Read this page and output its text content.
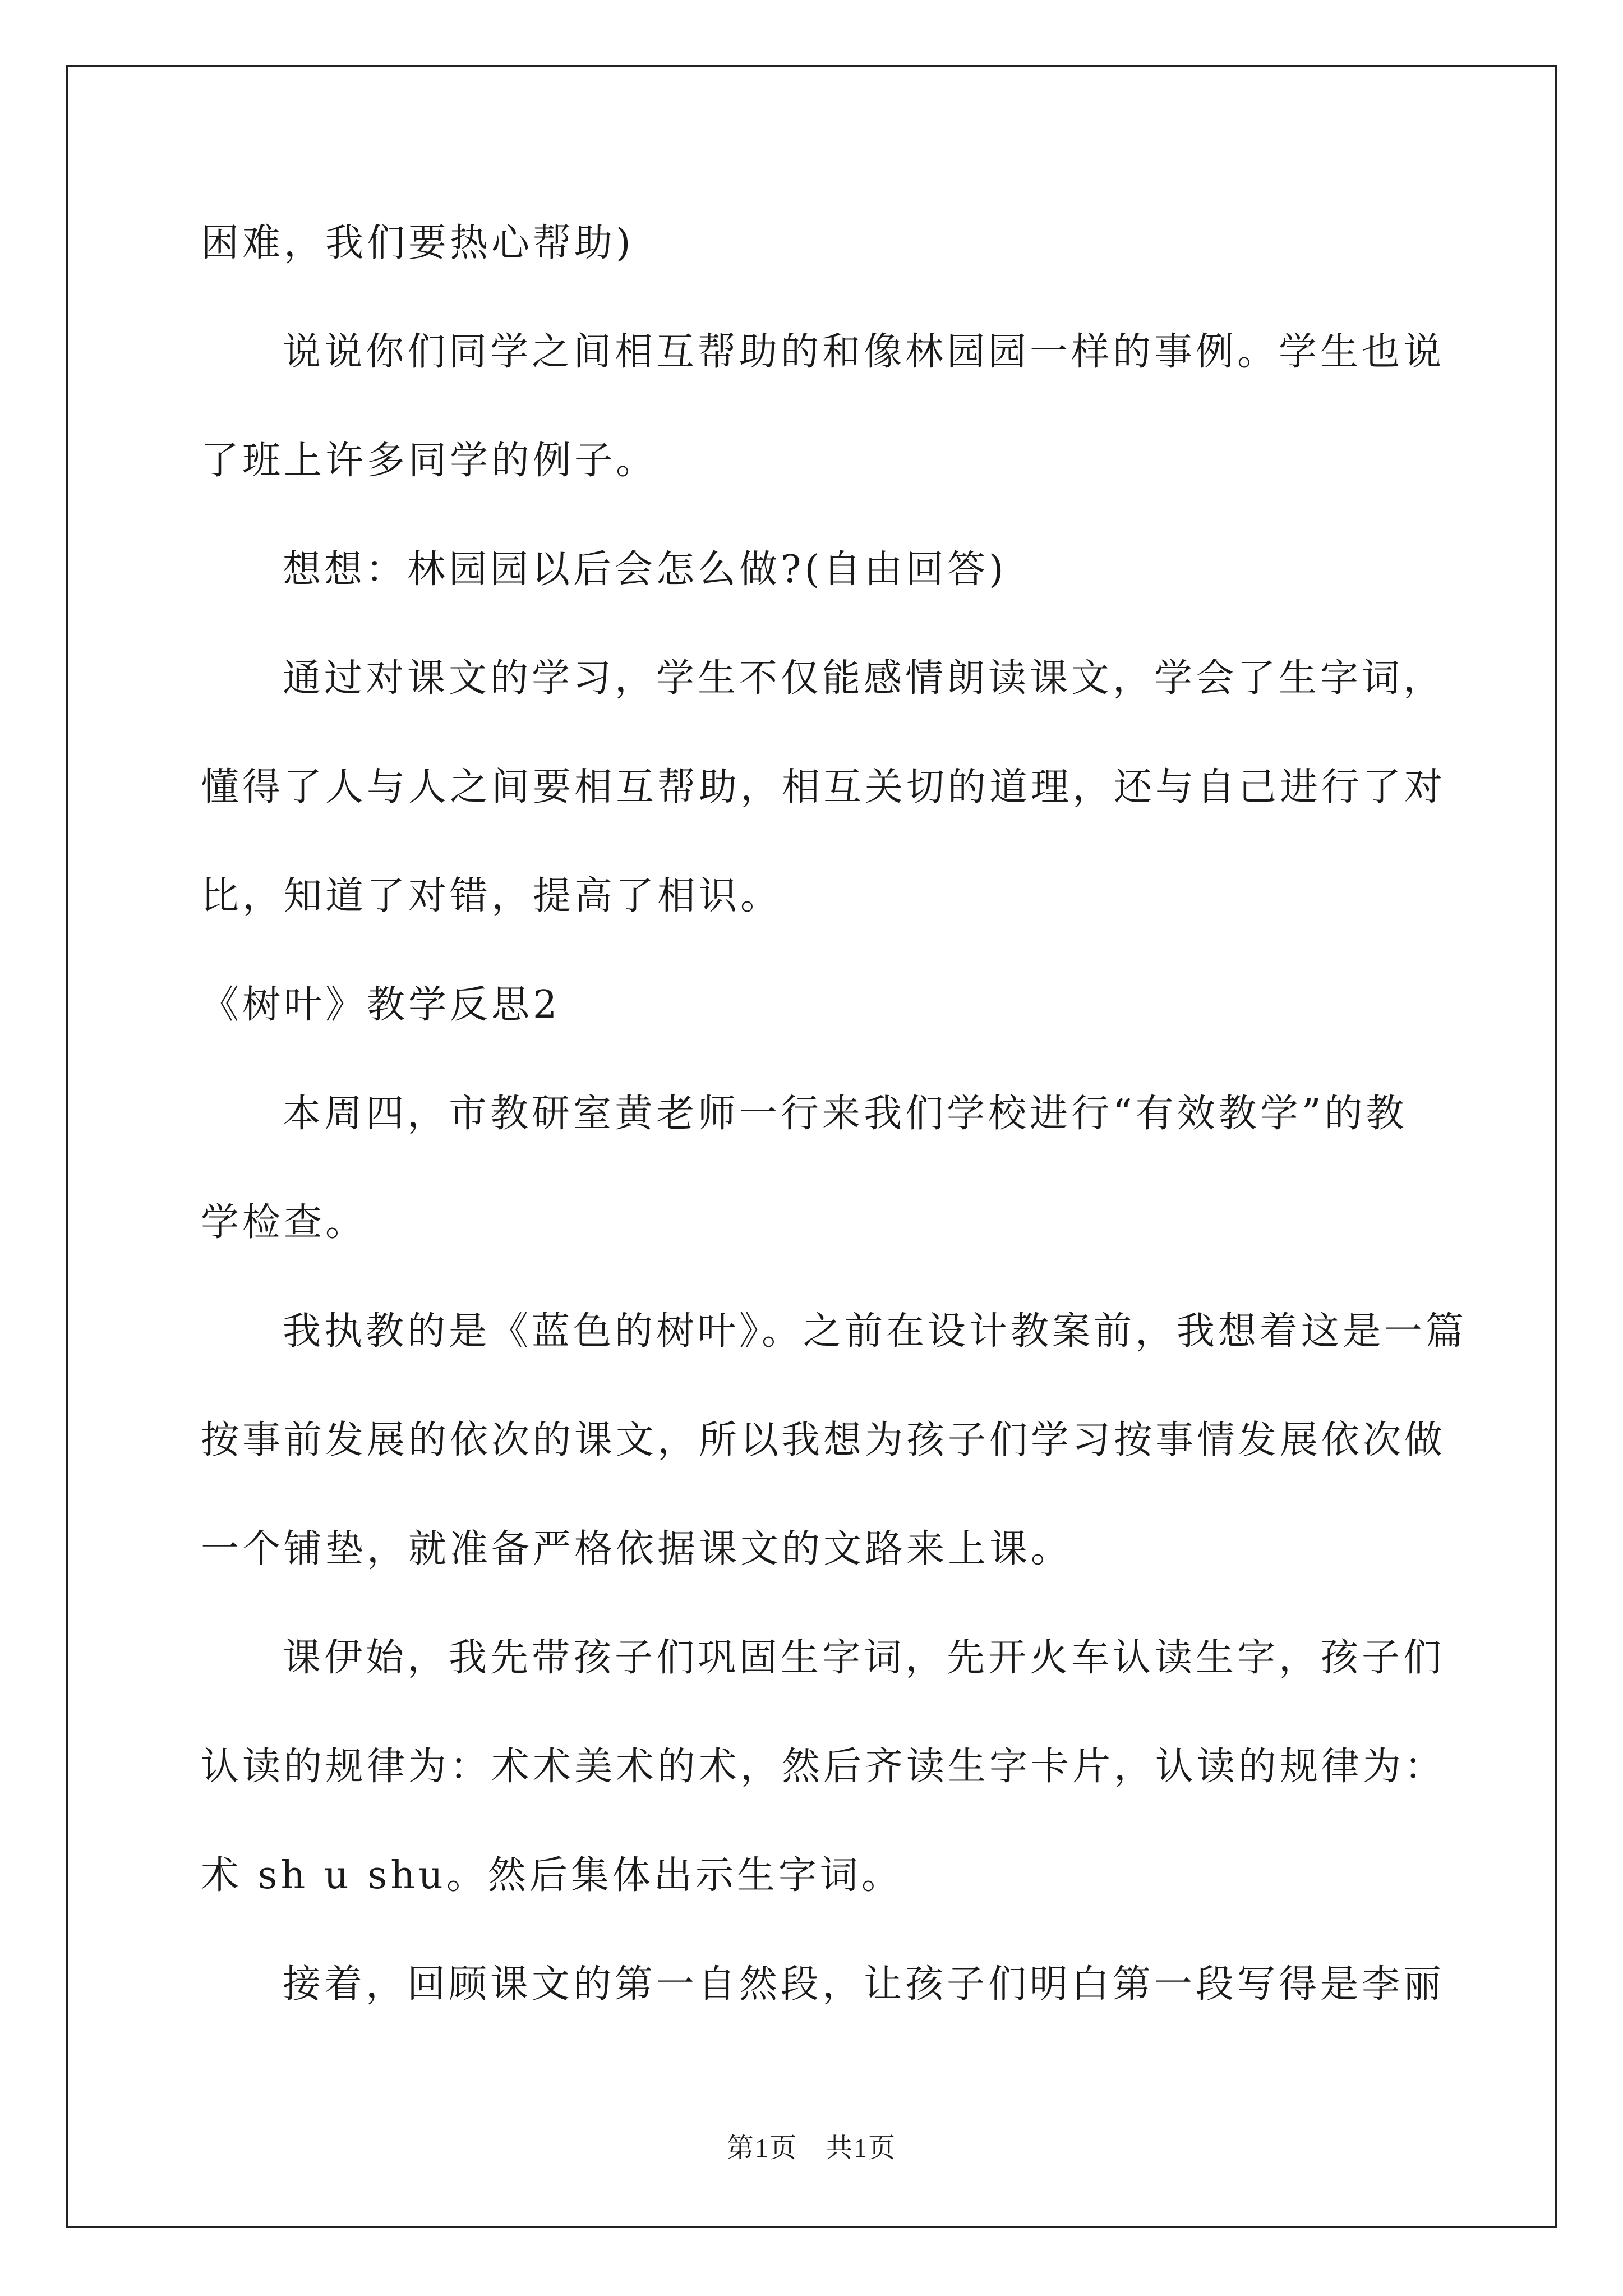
困难，我们要热心帮助)
说说你们同学之间相互帮助的和像林园园一样的事例。学生也说
了班上许多同学的例子。
想想：林园园以后会怎么做?(自由回答)
通过对课文的学习，学生不仅能感情朗读课文，学会了生字词，
懂得了人与人之间要相互帮助，相互关切的道理，还与自己进行了对
比，知道了对错，提高了相识。
《树叶》教学反思2
本周四，市教研室黄老师一行来我们学校进行“有效教学”的教
学检查。
我执教的是《蓝色的树叶》。之前在设计教案前，我想着这是一篇
按事前发展的依次的课文，所以我想为孩子们学习按事情发展依次做
一个铺垫，就准备严格依据课文的文路来上课。
课伊始，我先带孩子们巩固生字词，先开火车认读生字，孩子们
认读的规律为：术术美术的术，然后齐读生字卡片，认读的规律为：
术 sh u shu。然后集体出示生字词。
接着，回顾课文的第一自然段，让孩子们明白第一段写得是李丽
第1页　共1页
